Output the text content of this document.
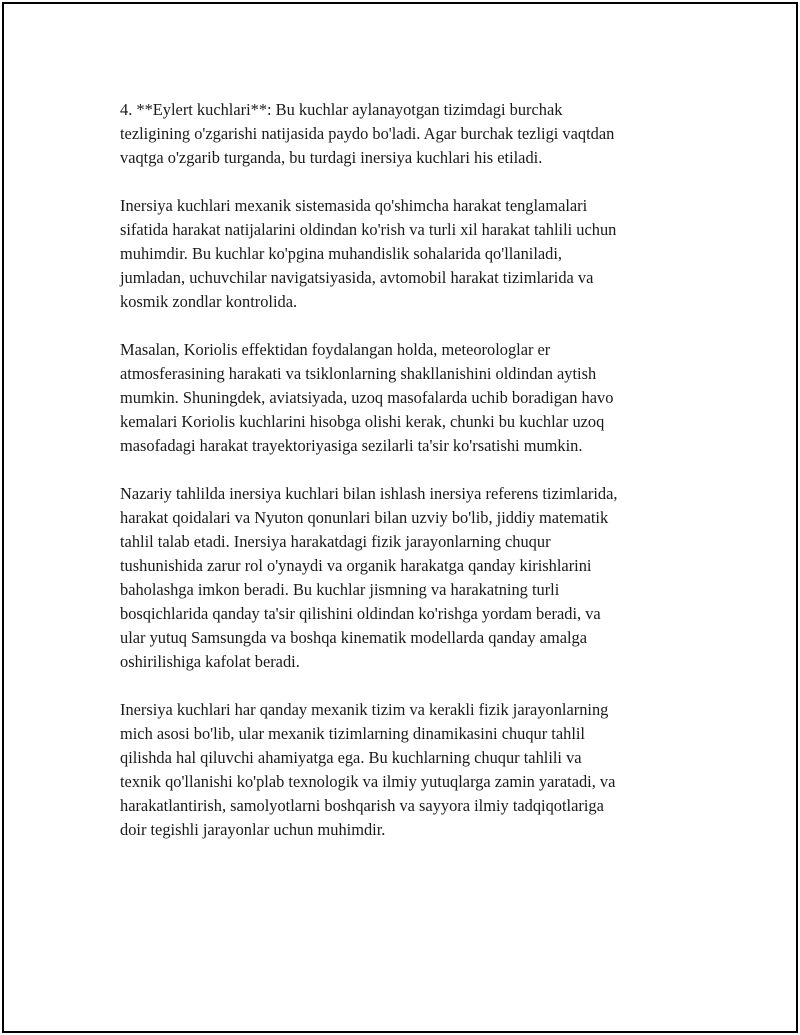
4. **Eylert kuchlari**: Bu kuchlar aylanayotgan tizimdagi burchak
tezligining o'zgarishi natijasida paydo bo'ladi. Agar burchak tezligi vaqtdan
vaqtga o'zgarib turganda, bu turdagi inersiya kuchlari his etiladi.

Inersiya kuchlari mexanik sistemasida qo'shimcha harakat tenglamalari
sifatida harakat natijalarini oldindan ko'rish va turli xil harakat tahlili uchun
muhimdir. Bu kuchlar ko'pgina muhandislik sohalarida qo'llaniladi,
jumladan, uchuvchilar navigatsiyasida, avtomobil harakat tizimlarida va
kosmik zondlar kontrolida.

Masalan, Koriolis effektidan foydalangan holda, meteorologlar er
atmosferasining harakati va tsiklonlarning shakllanishini oldindan aytish
mumkin. Shuningdek, aviatsiyada, uzoq masofalarda uchib boradigan havo
kemalari Koriolis kuchlarini hisobga olishi kerak, chunki bu kuchlar uzoq
masofadagi harakat trayektoriyasiga sezilarli ta'sir ko'rsatishi mumkin.

Nazariy tahlilda inersiya kuchlari bilan ishlash inersiya referens tizimlarida,
harakat qoidalari va Nyuton qonunlari bilan uzviy bo'lib, jiddiy matematik
tahlil talab etadi. Inersiya harakatdagi fizik jarayonlarning chuqur
tushunishida zarur rol o'ynaydi va organik harakatga qanday kirishlarini
baholashga imkon beradi. Bu kuchlar jismning va harakatning turli
bosqichlarida qanday ta'sir qilishini oldindan ko'rishga yordam beradi, va
ular yutuq Samsungda va boshqa kinematik modellarda qanday amalga
oshirilishiga kafolat beradi.

Inersiya kuchlari har qanday mexanik tizim va kerakli fizik jarayonlarning
mich asosi bo'lib, ular mexanik tizimlarning dinamikasini chuqur tahlil
qilishda hal qiluvchi ahamiyatga ega. Bu kuchlarning chuqur tahlili va
texnik qo'llanishi ko'plab texnologik va ilmiy yutuqlarga zamin yaratadi, va
harakatlantirish, samolyotlarni boshqarish va sayyora ilmiy tadqiqotlariga
doir tegishli jarayonlar uchun muhimdir.
